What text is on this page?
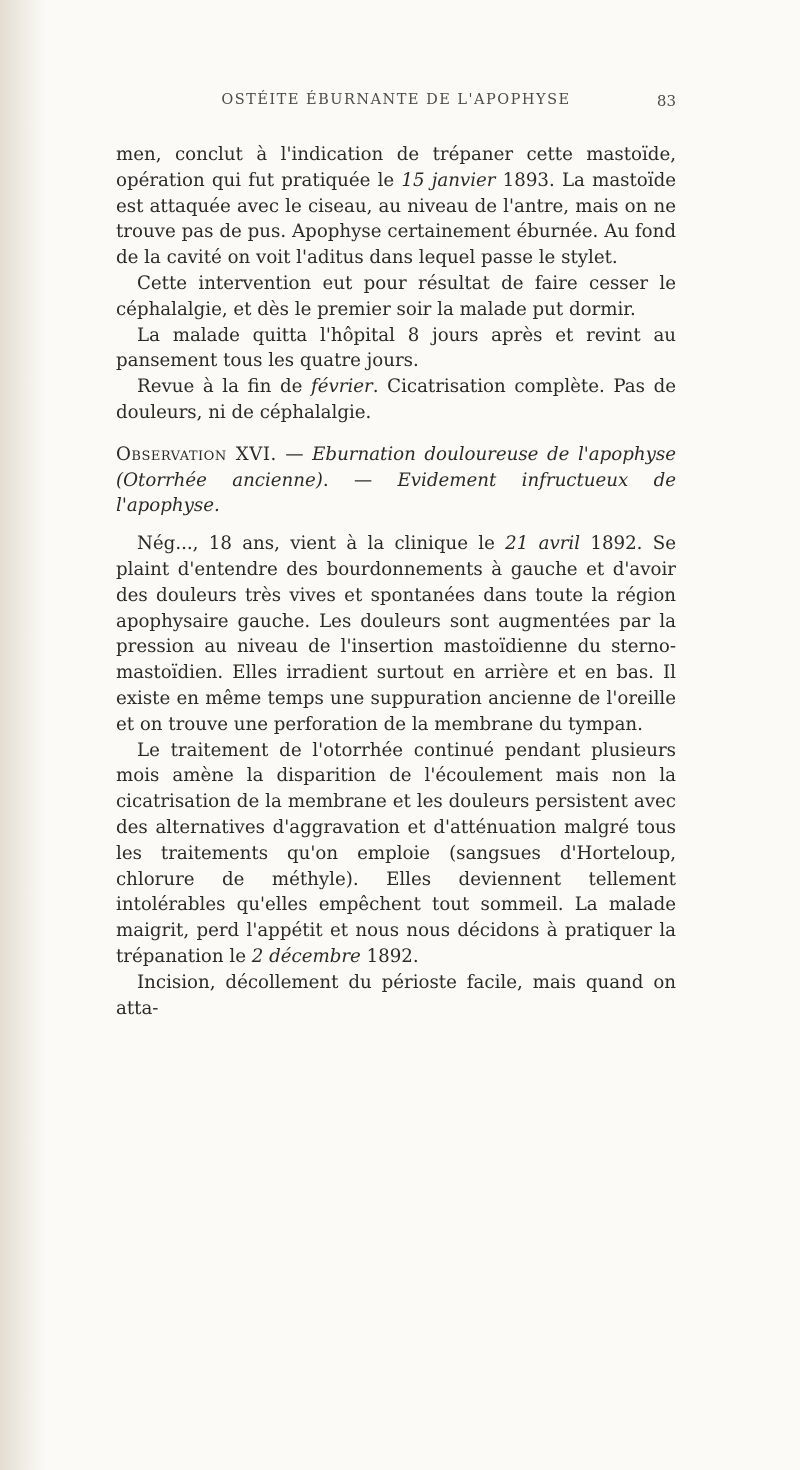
OSTÉITE ÉBURNANTE DE L'APOPHYSE	83

men, conclut à l'indication de trépaner cette mastoïde, opération qui fut pratiquée le 15 janvier 1893. La mastoïde est attaquée avec le ciseau, au niveau de l'antre, mais on ne trouve pas de pus. Apophyse certainement éburnée. Au fond de la cavité on voit l'aditus dans lequel passe le stylet.

Cette intervention eut pour résultat de faire cesser le céphalalgie, et dès le premier soir la malade put dormir.

La malade quitta l'hôpital 8 jours après et revint au pansement tous les quatre jours.

Revue à la fin de février. Cicatrisation complète. Pas de douleurs, ni de céphalalgie.

Observation XVI. — Eburnation douloureuse de l'apophyse (Otorrhée ancienne). — Evidement infructueux de l'apophyse.

Nég..., 18 ans, vient à la clinique le 21 avril 1892. Se plaint d'entendre des bourdonnements à gauche et d'avoir des douleurs très vives et spontanées dans toute la région apophysaire gauche. Les douleurs sont augmentées par la pression au niveau de l'insertion mastoïdienne du sterno-mastoïdien. Elles irradient surtout en arrière et en bas. Il existe en même temps une suppuration ancienne de l'oreille et on trouve une perforation de la membrane du tympan.

Le traitement de l'otorrhée continué pendant plusieurs mois amène la disparition de l'écoulement mais non la cicatrisation de la membrane et les douleurs persistent avec des alternatives d'aggravation et d'atténuation malgré tous les traitements qu'on emploie (sangsues d'Horteloup, chlorure de méthyle). Elles deviennent tellement intolérables qu'elles empêchent tout sommeil. La malade maigrit, perd l'appétit et nous nous décidons à pratiquer la trépanation le 2 décembre 1892.

Incision, décollement du périoste facile, mais quand on atta-
